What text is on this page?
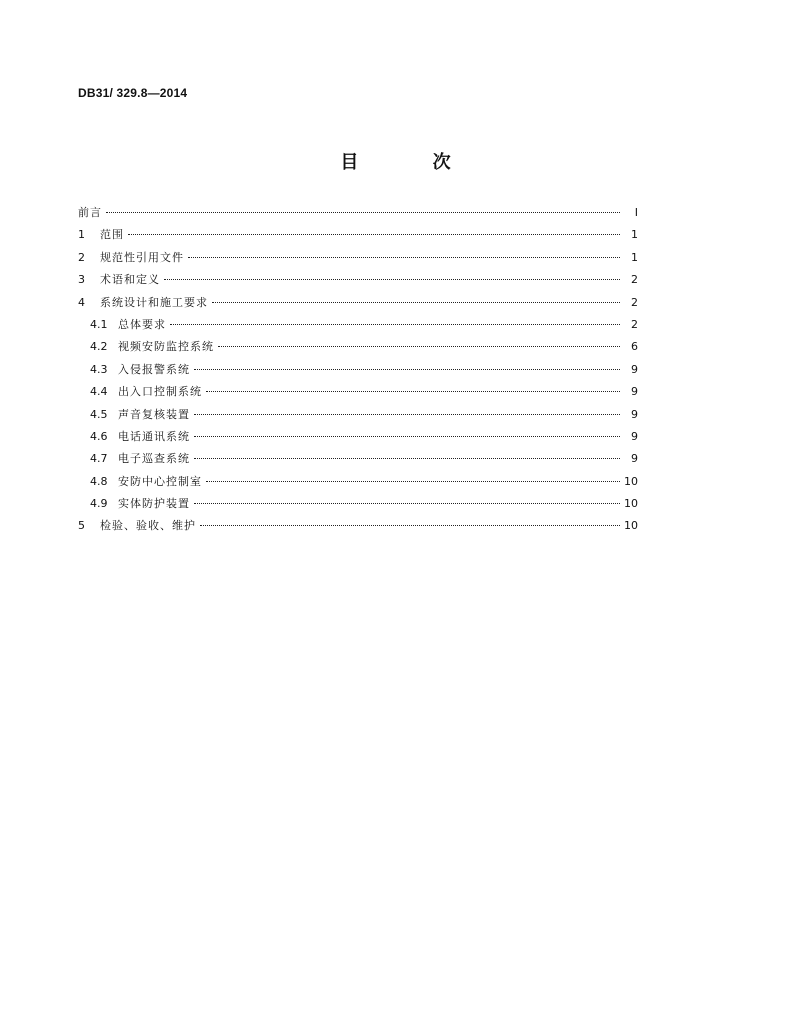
DB31/ 329.8—2014
目 次
前言	I
1	范围	1
2	规范性引用文件	1
3	术语和定义	2
4	系统设计和施工要求	2
4.1 总体要求	2
4.2 视频安防监控系统	6
4.3 入侵报警系统	9
4.4 出入口控制系统	9
4.5 声音复核装置	9
4.6 电话通讯系统	9
4.7 电子巡查系统	9
4.8 安防中心控制室	10
4.9 实体防护装置	10
5	检验、验收、维护	10
